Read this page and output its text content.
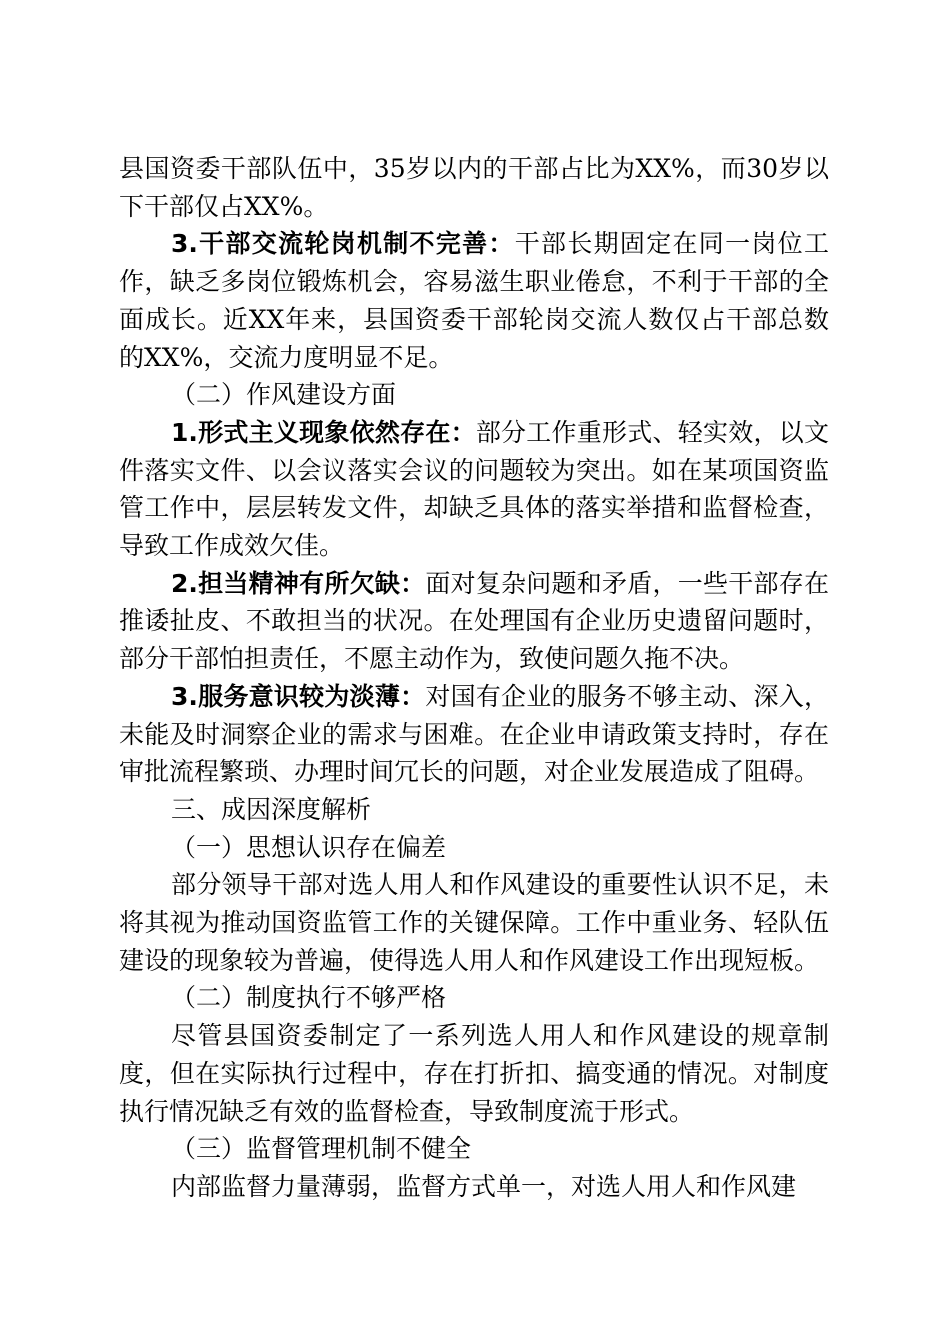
县国资委干部队伍中，35岁以内的干部占比为XX%，而30岁以下干部仅占XX%。

3.干部交流轮岗机制不完善：干部长期固定在同一岗位工作，缺乏多岗位锻炼机会，容易滋生职业倦怠，不利于干部的全面成长。近XX年来，县国资委干部轮岗交流人数仅占干部总数的XX%，交流力度明显不足。

（二）作风建设方面

1.形式主义现象依然存在：部分工作重形式、轻实效，以文件落实文件、以会议落实会议的问题较为突出。如在某项国资监管工作中，层层转发文件，却缺乏具体的落实举措和监督检查，导致工作成效欠佳。

2.担当精神有所欠缺：面对复杂问题和矛盾，一些干部存在推诿扯皮、不敢担当的状况。在处理国有企业历史遗留问题时，部分干部怕担责任，不愿主动作为，致使问题久拖不决。

3.服务意识较为淡薄：对国有企业的服务不够主动、深入，未能及时洞察企业的需求与困难。在企业申请政策支持时，存在审批流程繁琐、办理时间冗长的问题，对企业发展造成了阻碍。

三、成因深度解析

（一）思想认识存在偏差

部分领导干部对选人用人和作风建设的重要性认识不足，未将其视为推动国资监管工作的关键保障。工作中重业务、轻队伍建设的现象较为普遍，使得选人用人和作风建设工作出现短板。

（二）制度执行不够严格

尽管县国资委制定了一系列选人用人和作风建设的规章制度，但在实际执行过程中，存在打折扣、搞变通的情况。对制度执行情况缺乏有效的监督检查，导致制度流于形式。

（三）监督管理机制不健全

内部监督力量薄弱，监督方式单一，对选人用人和作风建
